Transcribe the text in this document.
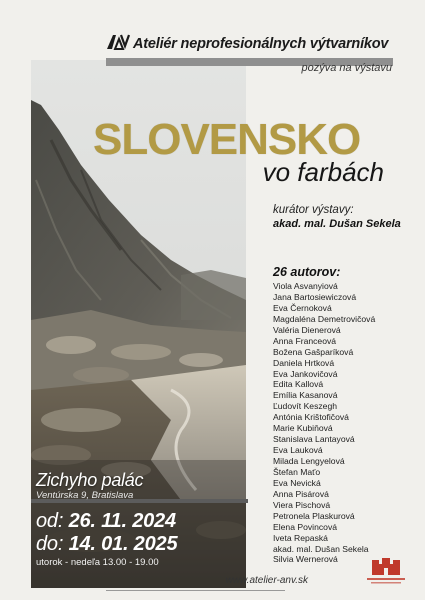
Ateliér neprofesionálnych výtvarníkov
pozýva na výstavu
SLOVENSKO
vo farbách
kurátor výstavy:
akad. mal. Dušan Sekela
26 autorov:
Viola Asvanyiová
Jana Bartosiewiczová
Eva Černoková
Magdaléna Demetrovičová
Valéria Dienerová
Anna Franceová
Božena Gašparíková
Daniela Hrtková
Eva Jankovičová
Edita Kallová
Emília Kasanová
Ľudovít Keszegh
Antónia Krištofičová
Marie Kubiňová
Stanislava Lantayová
Eva Lauková
Milada Lengyelová
Štefan Maťo
Eva Nevická
Anna Pisárová
Viera Pischová
Petronela Plaskurová
Elena Povincová
Iveta Repaská
akad. mal. Dušan Sekela
Silvia Wernerová
Zichyho palác
Ventúrska 9, Bratislava
od: 26. 11. 2024
do: 14. 01. 2025
utorok - nedeľa 13.00 - 19.00
www.atelier-anv.sk
